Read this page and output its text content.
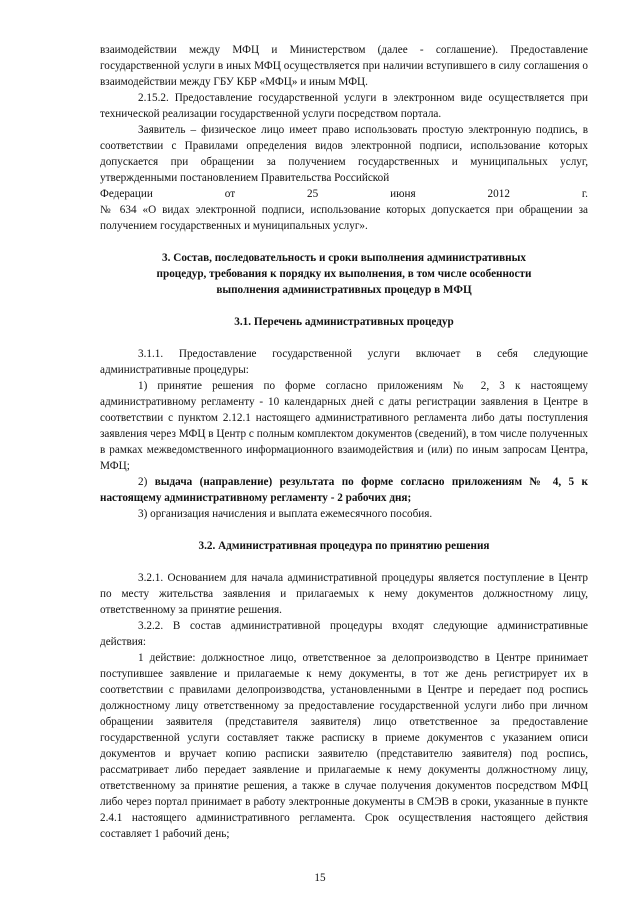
взаимодействии между МФЦ и Министерством (далее - соглашение). Предоставление государственной услуги в иных МФЦ осуществляется при наличии вступившего в силу соглашения о взаимодействии между ГБУ КБР «МФЦ» и иным МФЦ.

2.15.2. Предоставление государственной услуги в электронном виде осуществляется при технической реализации государственной услуги посредством портала.

Заявитель – физическое лицо имеет право использовать простую электронную подпись, в соответствии с Правилами определения видов электронной подписи, использование которых допускается при обращении за получением государственных и муниципальных услуг, утвержденными постановлением Правительства Российской

Федерации	от	25	июня	2012	г.

№ 634 «О видах электронной подписи, использование которых допускается при обращении за получением государственных и муниципальных услуг».

3. Состав, последовательность и сроки выполнения административных процедур, требования к порядку их выполнения, в том числе особенности выполнения административных процедур в МФЦ

3.1. Перечень административных процедур

3.1.1. Предоставление государственной услуги включает в себя следующие административные процедуры:

1) принятие решения по форме согласно приложениям № 2, 3 к настоящему административному регламенту - 10 календарных дней с даты регистрации заявления в Центре в соответствии с пунктом 2.12.1 настоящего административного регламента либо даты поступления заявления через МФЦ в Центр с полным комплектом документов (сведений), в том числе полученных в рамках межведомственного информационного взаимодействия и (или) по иным запросам Центра, МФЦ;

2) выдача (направление) результата по форме согласно приложениям № 4, 5 к настоящему административному регламенту - 2 рабочих дня;

3) организация начисления и выплата ежемесячного пособия.

3.2. Административная процедура по принятию решения

3.2.1. Основанием для начала административной процедуры является поступление в Центр по месту жительства заявления и прилагаемых к нему документов должностному лицу, ответственному за принятие решения.

3.2.2. В состав административной процедуры входят следующие административные действия:

1 действие: должностное лицо, ответственное за делопроизводство в Центре принимает поступившее заявление и прилагаемые к нему документы, в тот же день регистрирует их в соответствии с правилами делопроизводства, установленными в Центре и передает под роспись должностному лицу ответственному за предоставление государственной услуги либо при личном обращении заявителя (представителя заявителя) лицо ответственное за предоставление государственной услуги составляет также расписку в приеме документов с указанием описи документов и вручает копию расписки заявителю (представителю заявителя) под роспись, рассматривает либо передает заявление и прилагаемые к нему документы должностному лицу, ответственному за принятие решения, а также в случае получения документов посредством МФЦ либо через портал принимает в работу электронные документы в СМЭВ в сроки, указанные в пункте 2.4.1 настоящего административного регламента. Срок осуществления настоящего действия составляет 1 рабочий день;

15
